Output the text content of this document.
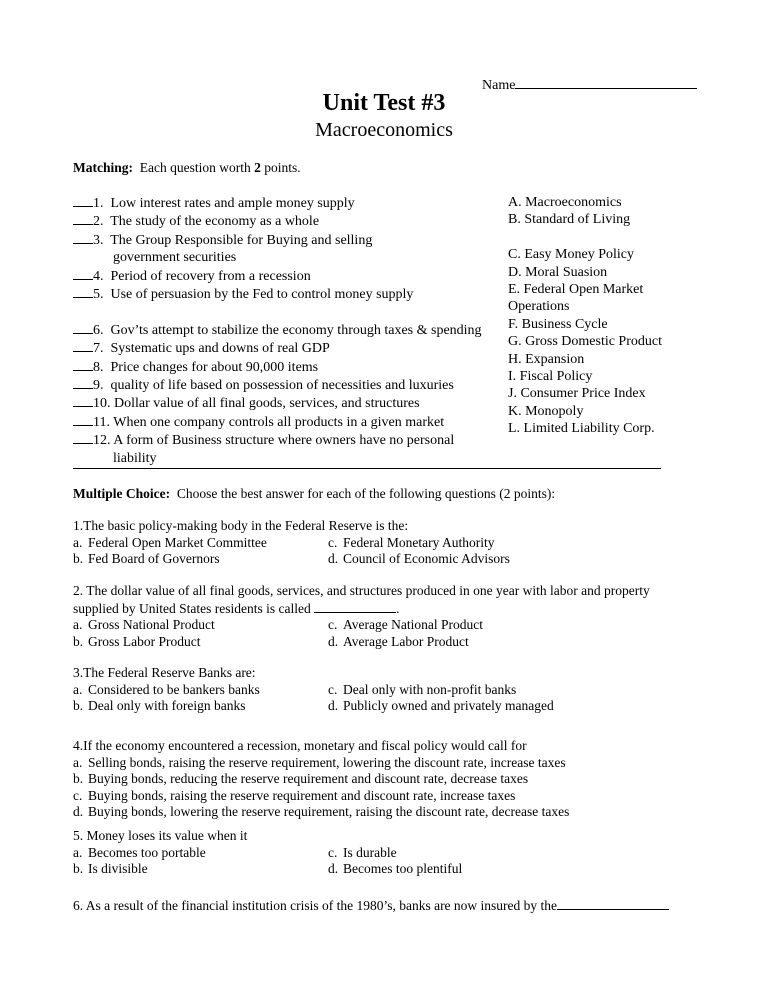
Name
Unit Test #3
Macroeconomics
Matching: Each question worth 2 points.
1. Low interest rates and ample money supply
2. The study of the economy as a whole
3. The Group Responsible for Buying and selling
government securities
4. Period of recovery from a recession
5. Use of persuasion by the Fed to control money supply
6. Gov’ts attempt to stabilize the economy through taxes & spending
7. Systematic ups and downs of real GDP
8. Price changes for about 90,000 items
9. quality of life based on possession of necessities and luxuries
10. Dollar value of all final goods, services, and structures
11. When one company controls all products in a given market
12. A form of Business structure where owners have no personal
liability
A. Macroeconomics
B. Standard of Living
C. Easy Money Policy
D. Moral Suasion
E. Federal Open Market
Operations
F. Business Cycle
G. Gross Domestic Product
H. Expansion
I. Fiscal Policy
J. Consumer Price Index
K. Monopoly
L. Limited Liability Corp.
Multiple Choice: Choose the best answer for each of the following questions (2 points):
1.The basic policy-making body in the Federal Reserve is the:
a. Federal Open Market Committee	c. Federal Monetary Authority
b. Fed Board of Governors	d. Council of Economic Advisors
2. The dollar value of all final goods, services, and structures produced in one year with labor and property
supplied by United States residents is called	.
a. Gross National Product	c. Average National Product
b. Gross Labor Product	d. Average Labor Product
3.The Federal Reserve Banks are:
a. Considered to be bankers banks	c. Deal only with non-profit banks
b. Deal only with foreign banks	d. Publicly owned and privately managed
4.If the economy encountered a recession, monetary and fiscal policy would call for
a. Selling bonds, raising the reserve requirement, lowering the discount rate, increase taxes
b. Buying bonds, reducing the reserve requirement and discount rate, decrease taxes
c. Buying bonds, raising the reserve requirement and discount rate, increase taxes
d. Buying bonds, lowering the reserve requirement, raising the discount rate, decrease taxes
5. Money loses its value when it
a. Becomes too portable	c. Is durable
b. Is divisible	d. Becomes too plentiful
6. As a result of the financial institution crisis of the 1980’s, banks are now insured by the
